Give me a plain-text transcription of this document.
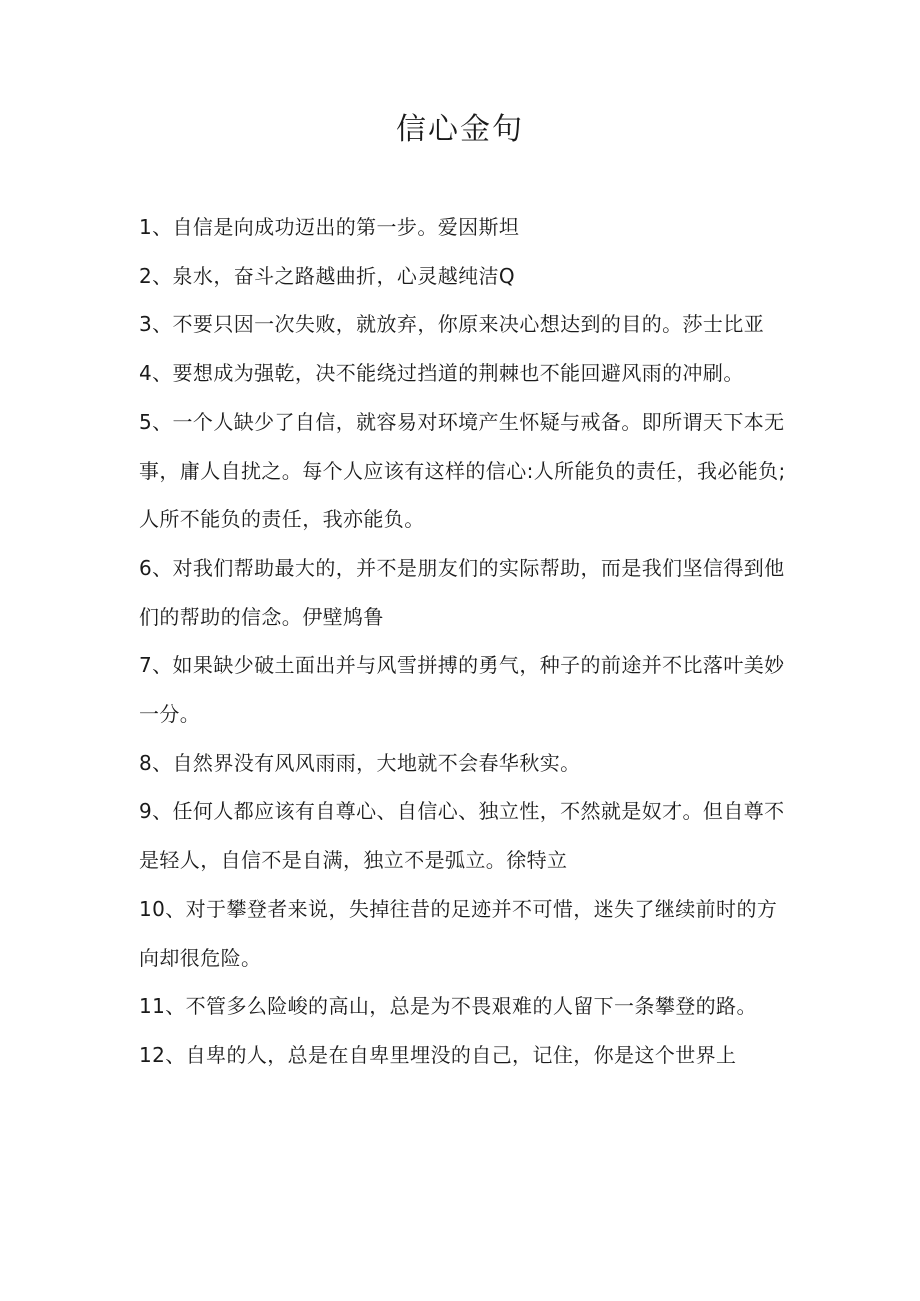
信心金句

1、自信是向成功迈出的第一步。爱因斯坦

2、泉水，奋斗之路越曲折，心灵越纯洁Q

3、不要只因一次失败，就放弃，你原来决心想达到的目的。莎士比亚

4、要想成为强乾，决不能绕过挡道的荆棘也不能回避风雨的冲刷。

5、一个人缺少了自信，就容易对环境产生怀疑与戒备。即所谓天下本无事，庸人自扰之。每个人应该有这样的信心:人所能负的责任，我必能负;人所不能负的责任，我亦能负。

6、对我们帮助最大的，并不是朋友们的实际帮助，而是我们坚信得到他们的帮助的信念。伊壁鸠鲁

7、如果缺少破土面出并与风雪拼搏的勇气，种子的前途并不比落叶美妙一分。

8、自然界没有风风雨雨，大地就不会春华秋实。

9、任何人都应该有自尊心、自信心、独立性，不然就是奴才。但自尊不是轻人，自信不是自满，独立不是弧立。徐特立

10、对于攀登者来说，失掉往昔的足迹并不可惜，迷失了继续前时的方向却很危险。

11、不管多么险峻的高山，总是为不畏艰难的人留下一条攀登的路。

12、自卑的人，总是在自卑里埋没的自己，记住，你是这个世界上
